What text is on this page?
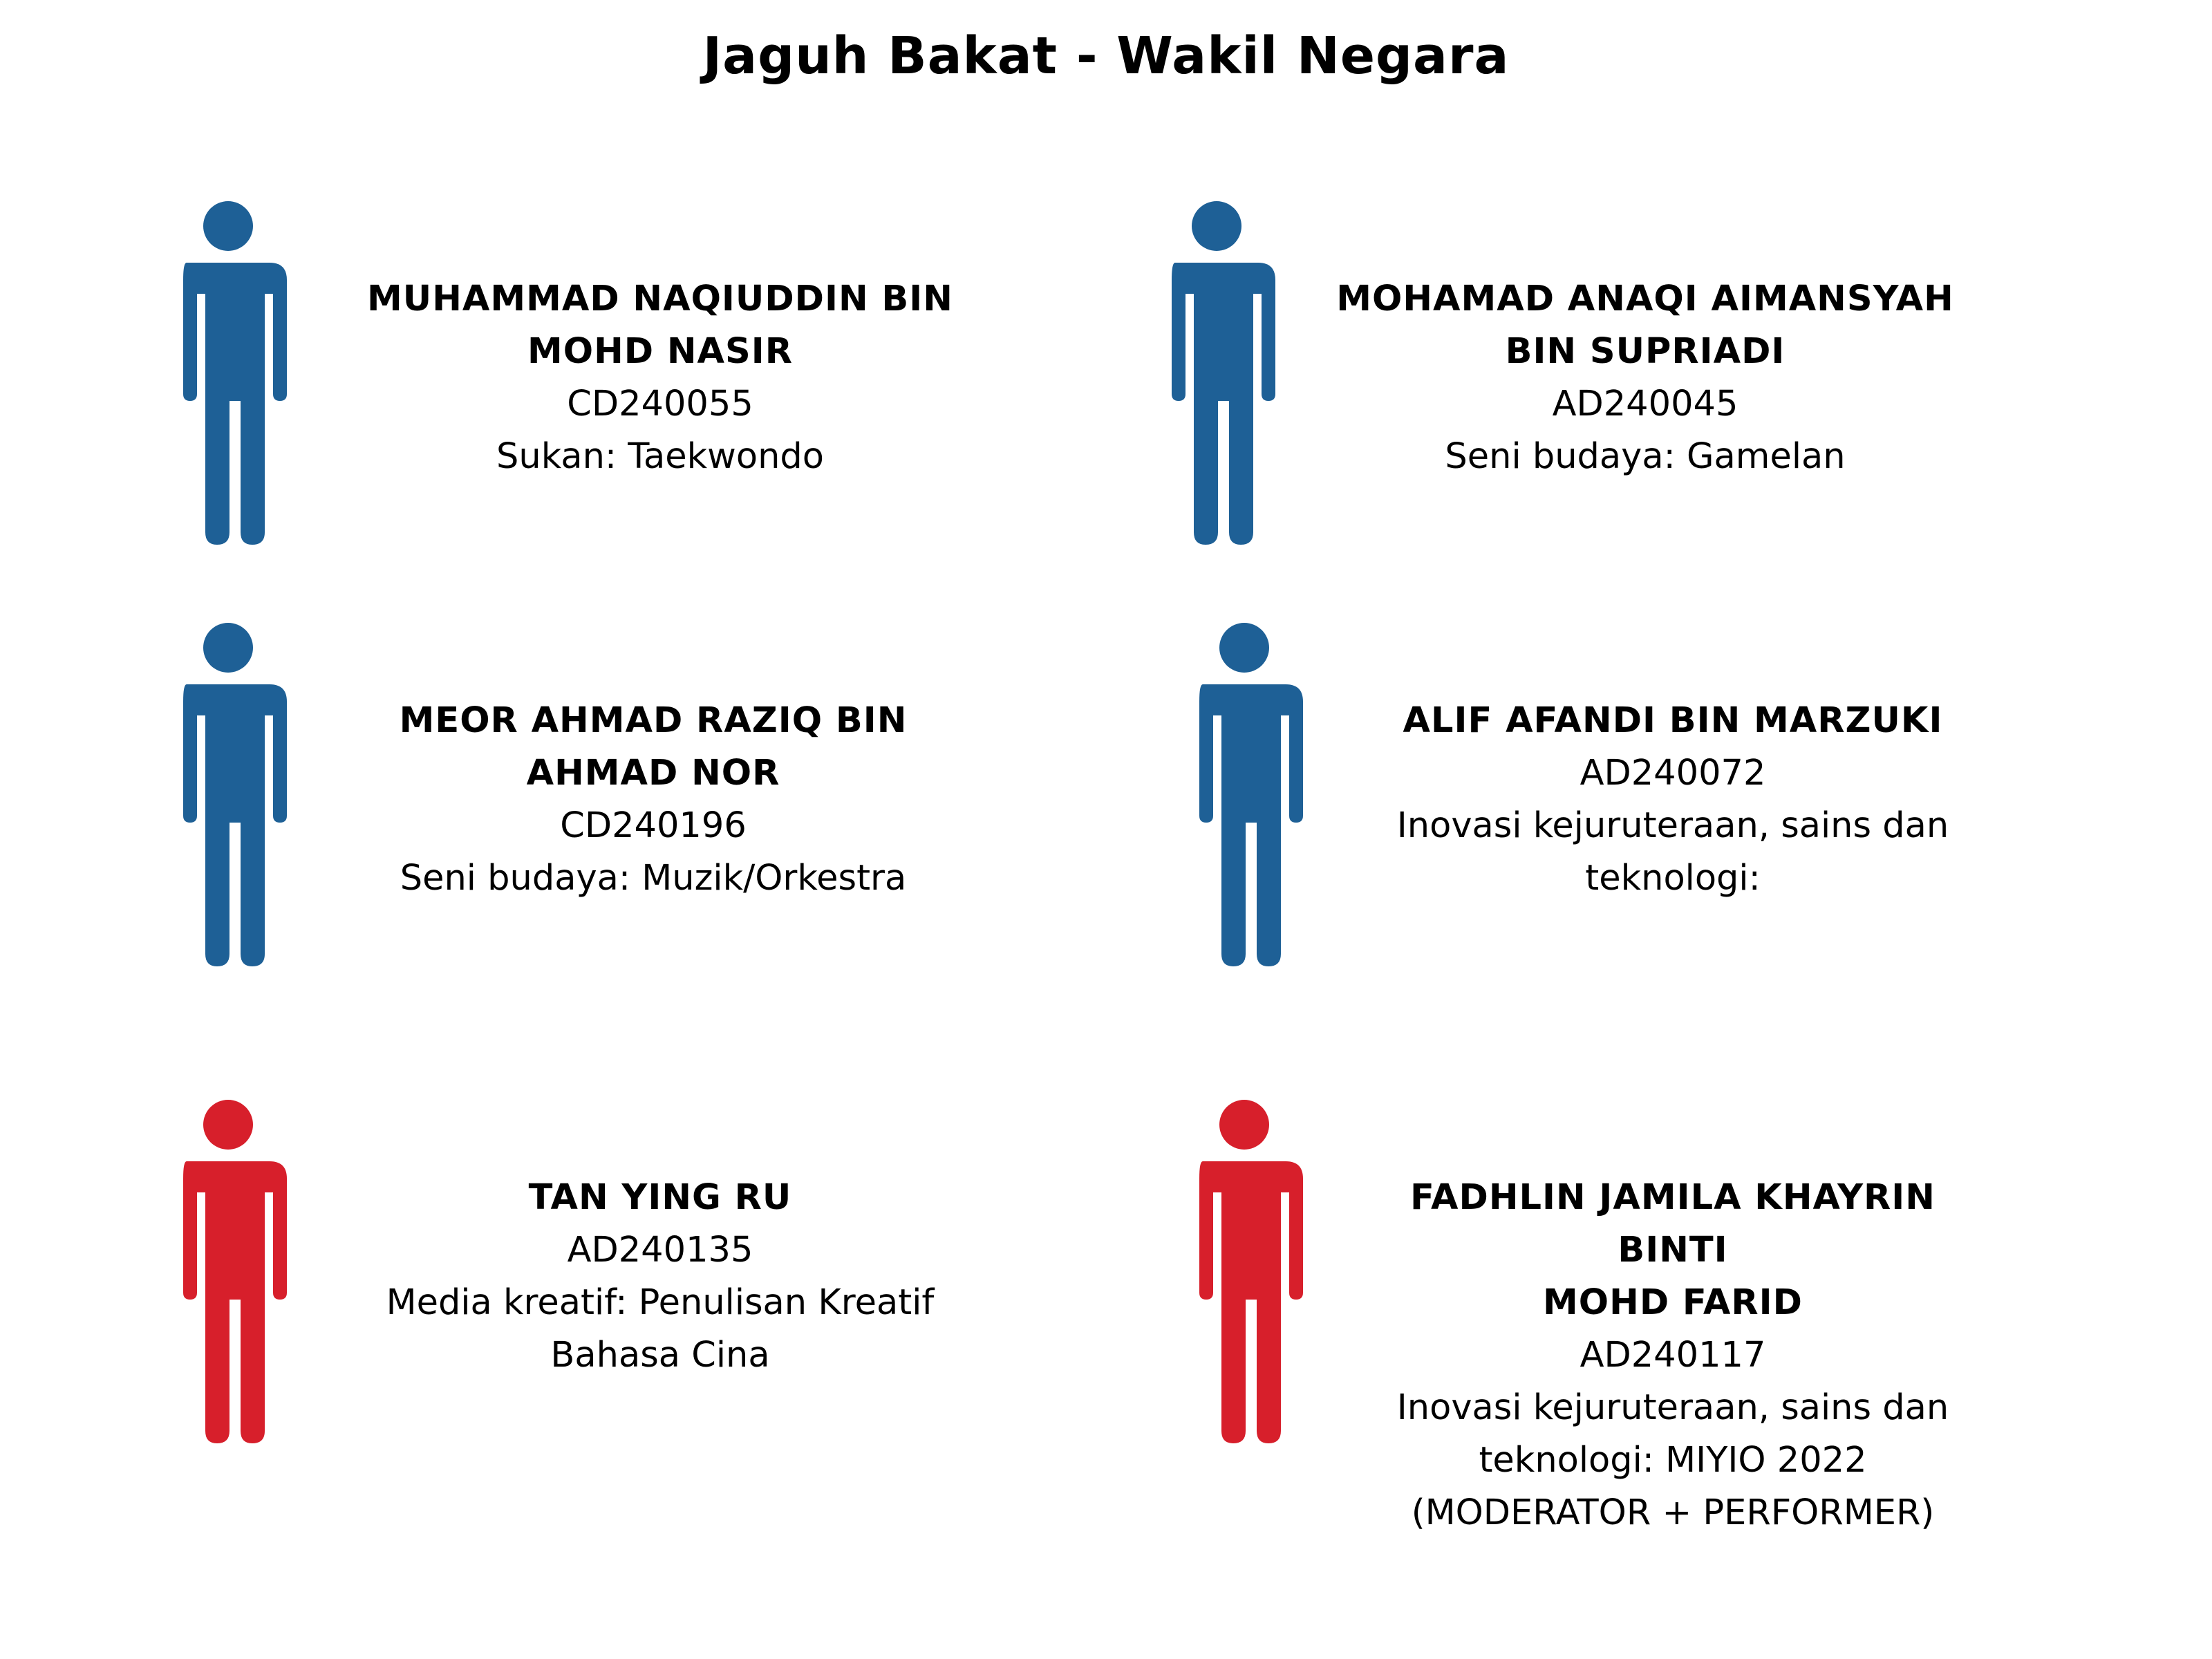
Jaguh Bakat - Wakil Negara
MUHAMMAD NAQIUDDIN BIN
MOHD NASIR
CD240055
Sukan: Taekwondo
MOHAMAD ANAQI AIMANSYAH
BIN SUPRIADI
AD240045
Seni budaya: Gamelan
MEOR AHMAD RAZIQ BIN
AHMAD NOR
CD240196
Seni budaya: Muzik/Orkestra
ALIF AFANDI BIN MARZUKI
AD240072
Inovasi kejuruteraan, sains dan
teknologi:
TAN YING RU
AD240135
Media kreatif: Penulisan Kreatif
Bahasa Cina
FADHLIN JAMILA KHAYRIN BINTI
MOHD FARID
AD240117
Inovasi kejuruteraan, sains dan
teknologi: MIYIO 2022
(MODERATOR + PERFORMER)
